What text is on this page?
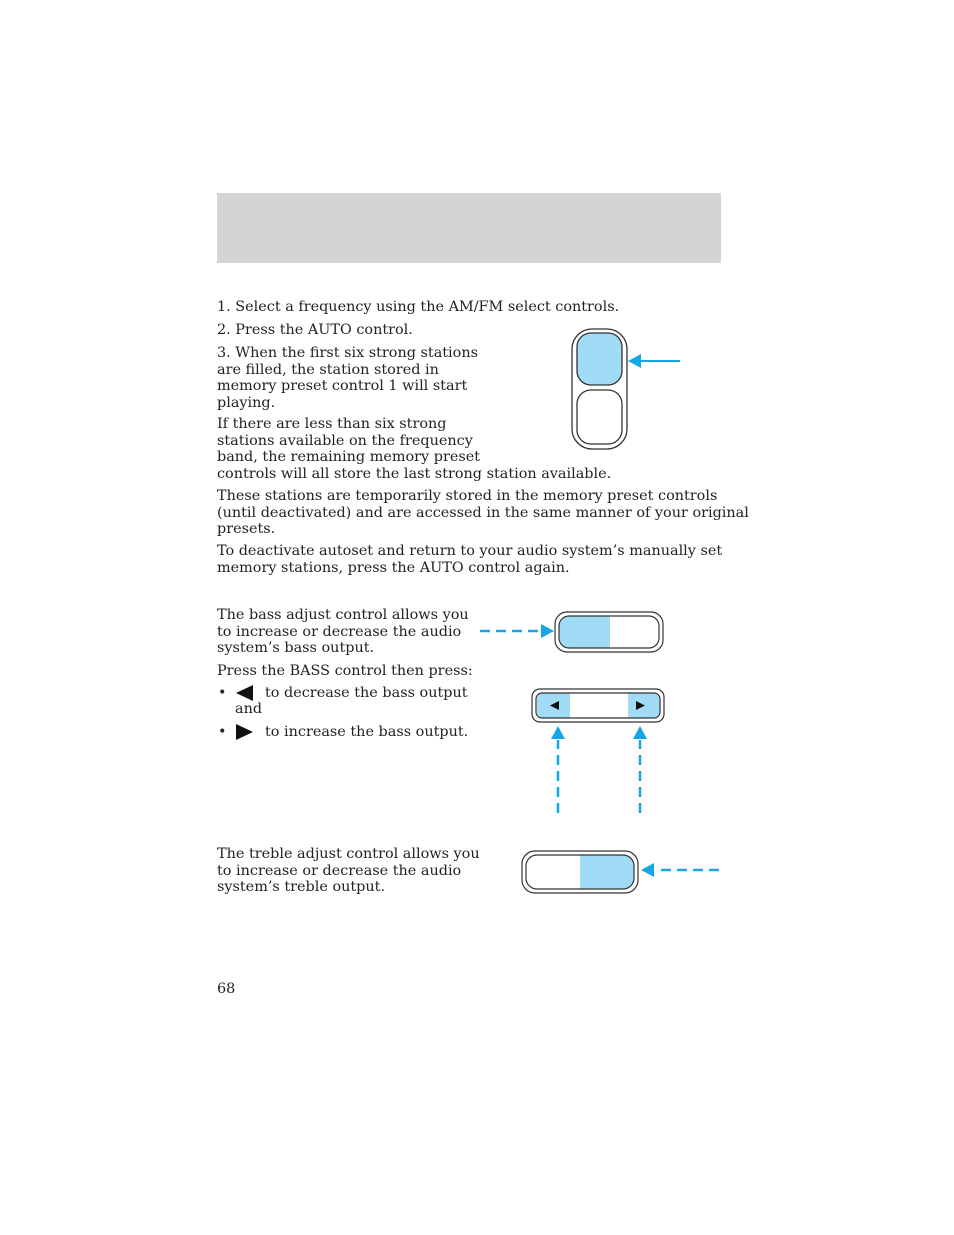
1. Select a frequency using the AM/FM select controls.

2. Press the AUTO control.

3. When the first six strong stations
are filled, the station stored in
memory preset control 1 will start
playing.

If there are less than six strong
stations available on the frequency
band, the remaining memory preset
controls will all store the last strong station available.

These stations are temporarily stored in the memory preset controls
(until deactivated) and are accessed in the same manner of your original
presets.

To deactivate autoset and return to your audio system’s manually set
memory stations, press the AUTO control again.

The bass adjust control allows you
to increase or decrease the audio
system’s bass output.

Press the BASS control then press:

•	to decrease the bass output
and
•	to increase the bass output.

The treble adjust control allows you
to increase or decrease the audio
system’s treble output.

68
